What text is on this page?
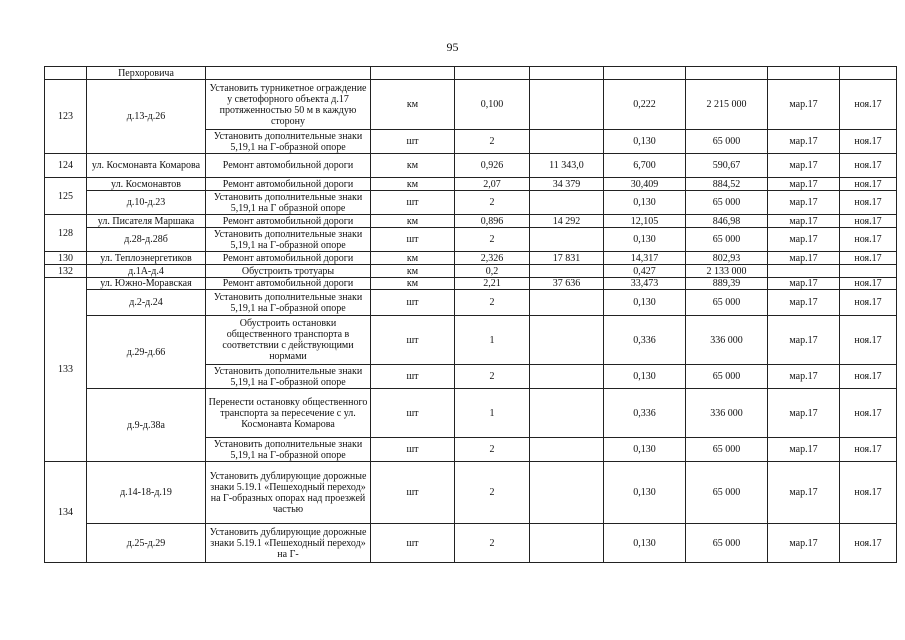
95
	Перхоровича								
123	д.13-д.26	Установить турникетное ограждение у светофорного объекта д.17 протяженностью 50 м в каждую сторону	км	0,100		0,222	2 215 000	мар.17	ноя.17
		Установить дополнительные знаки 5,19,1 на Г-образной опоре	шт	2		0,130	65 000	мар.17	ноя.17
124	ул. Космонавта Комарова	Ремонт автомобильной дороги	км	0,926	11 343,0	6,700	590,67	мар.17	ноя.17
125	ул. Космонавтов	Ремонт автомобильной дороги	км	2,07	34 379	30,409	884,52	мар.17	ноя.17
	д.10-д.23	Установить дополнительные знаки 5,19,1 на Г образной опоре	шт	2		0,130	65 000	мар.17	ноя.17
128	ул. Писателя Маршака	Ремонт автомобильной дороги	км	0,896	14 292	12,105	846,98	мар.17	ноя.17
	д.28-д.28б	Установить дополнительные знаки 5,19,1 на Г-образной опоре	шт	2		0,130	65 000	мар.17	ноя.17
130	ул. Теплоэнергетиков	Ремонт автомобильной дороги	км	2,326	17 831	14,317	802,93	мар.17	ноя.17
132	д.1А-д.4	Обустроить тротуары	км	0,2		0,427	2 133 000		
133	ул. Южно-Моравская	Ремонт автомобильной дороги	км	2,21	37 636	33,473	889,39	мар.17	ноя.17
	д.2-д.24	Установить дополнительные знаки 5,19,1 на Г-образной опоре	шт	2		0,130	65 000	мар.17	ноя.17
	д.29-д.66	Обустроить остановки общественного транспорта в соответствии с действующими нормами	шт	1		0,336	336 000	мар.17	ноя.17
		Установить дополнительные знаки 5,19,1 на Г-образной опоре	шт	2		0,130	65 000	мар.17	ноя.17
	д.9-д.38а	Перенести остановку общественного транспорта за пересечение с ул. Космонавта Комарова	шт	1		0,336	336 000	мар.17	ноя.17
		Установить дополнительные знаки 5,19,1 на Г-образной опоре	шт	2		0,130	65 000	мар.17	ноя.17
134	д.14-18-д.19	Установить дублирующие дорожные знаки 5.19.1 «Пешеходный переход» на Г-образных опорах над проезжей частью	шт	2		0,130	65 000	мар.17	ноя.17
	д.25-д.29	Установить дублирующие дорожные знаки 5.19.1 «Пешеходный переход» на Г-	шт	2		0,130	65 000	мар.17	ноя.17
